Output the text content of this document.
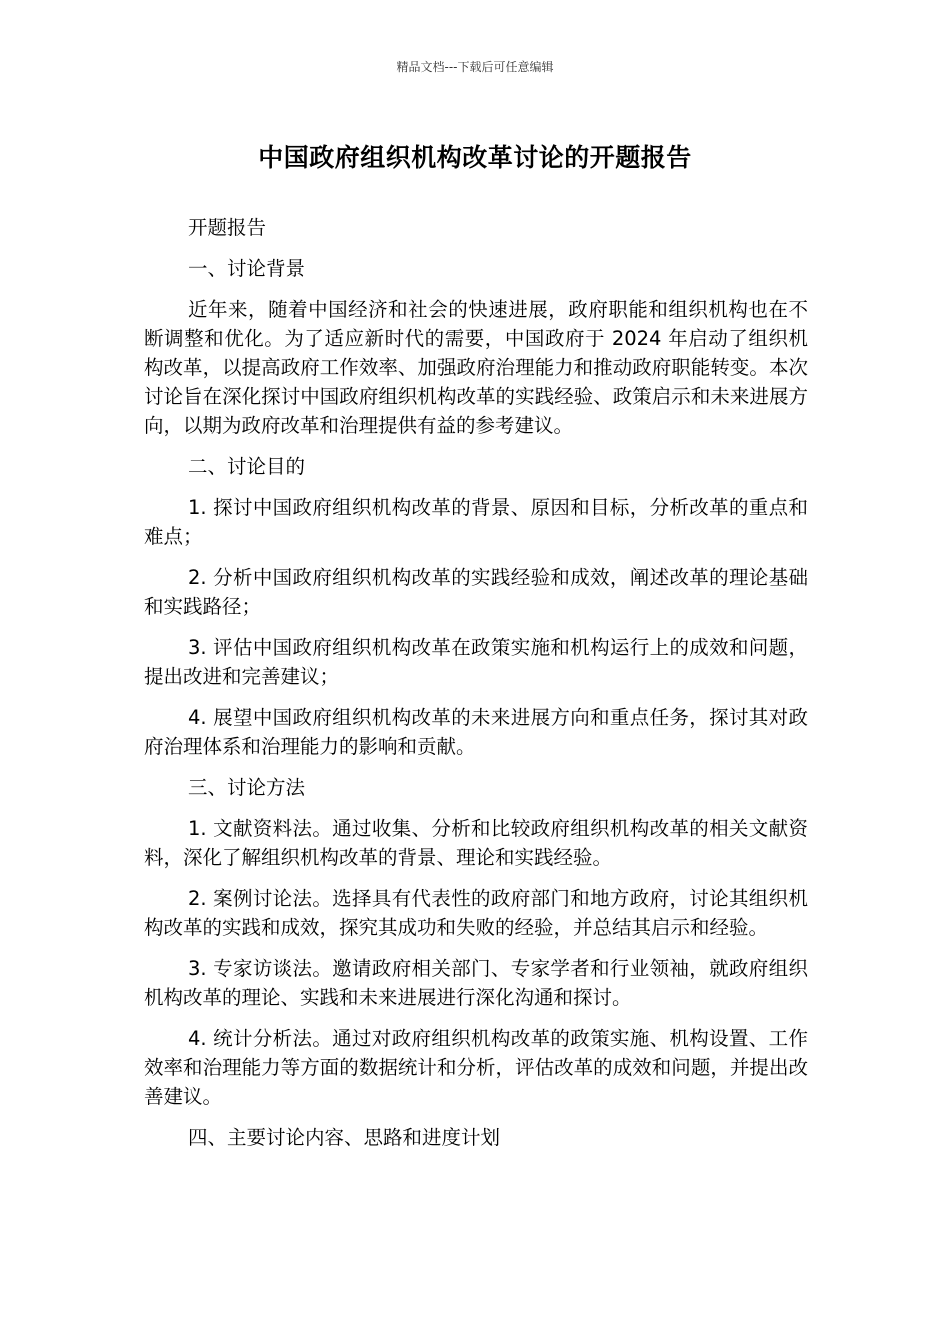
精品文档---下载后可任意编辑
中国政府组织机构改革讨论的开题报告

开题报告

一、讨论背景

近年来，随着中国经济和社会的快速进展，政府职能和组织机构也在不断调整和优化。为了适应新时代的需要，中国政府于 2024 年启动了组织机构改革，以提高政府工作效率、加强政府治理能力和推动政府职能转变。本次讨论旨在深化探讨中国政府组织机构改革的实践经验、政策启示和未来进展方向，以期为政府改革和治理提供有益的参考建议。

二、讨论目的

1. 探讨中国政府组织机构改革的背景、原因和目标，分析改革的重点和难点；

2. 分析中国政府组织机构改革的实践经验和成效，阐述改革的理论基础和实践路径；

3. 评估中国政府组织机构改革在政策实施和机构运行上的成效和问题，提出改进和完善建议；

4. 展望中国政府组织机构改革的未来进展方向和重点任务，探讨其对政府治理体系和治理能力的影响和贡献。

三、讨论方法

1. 文献资料法。通过收集、分析和比较政府组织机构改革的相关文献资料，深化了解组织机构改革的背景、理论和实践经验。

2. 案例讨论法。选择具有代表性的政府部门和地方政府，讨论其组织机构改革的实践和成效，探究其成功和失败的经验，并总结其启示和经验。

3. 专家访谈法。邀请政府相关部门、专家学者和行业领袖，就政府组织机构改革的理论、实践和未来进展进行深化沟通和探讨。

4. 统计分析法。通过对政府组织机构改革的政策实施、机构设置、工作效率和治理能力等方面的数据统计和分析，评估改革的成效和问题，并提出改善建议。

四、主要讨论内容、思路和进度计划
